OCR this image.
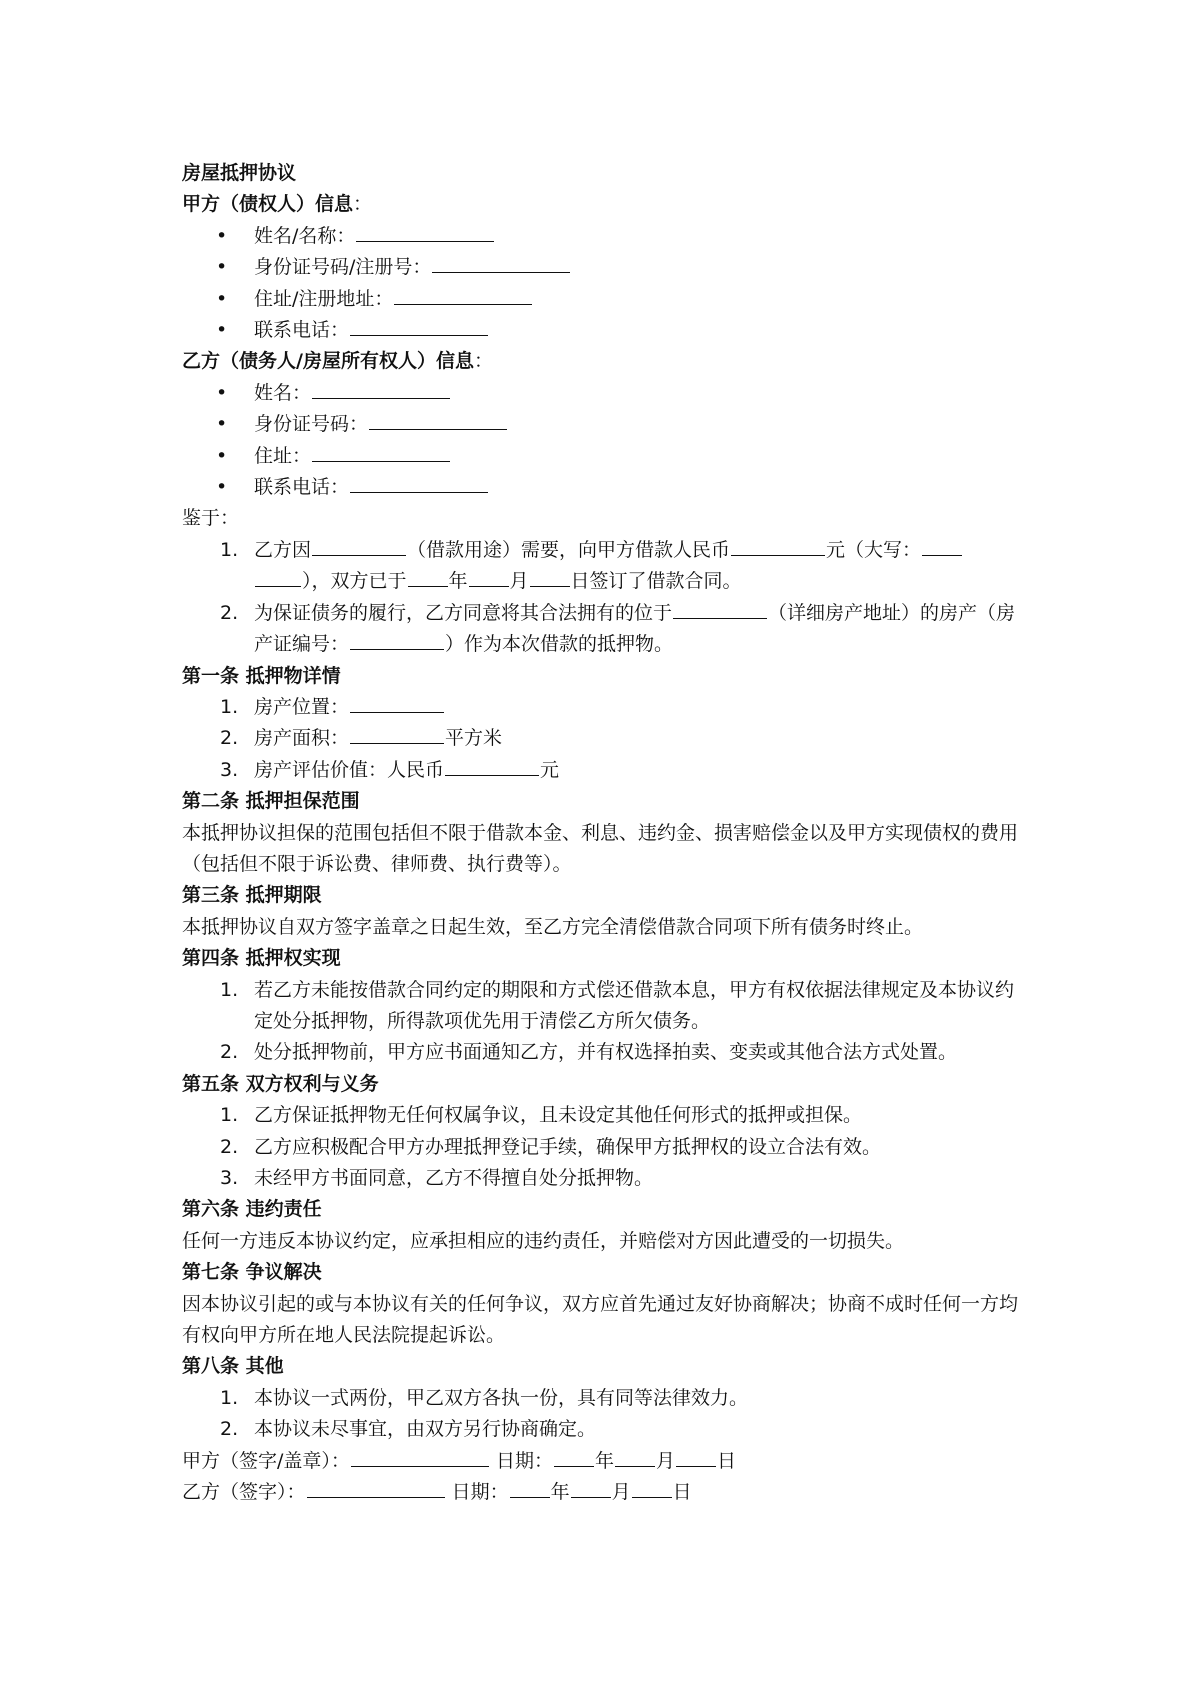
房屋抵押协议
甲方（债权人）信息：
• 姓名/名称：
• 身份证号码/注册号：
• 住址/注册地址：
• 联系电话：
乙方（债务人/房屋所有权人）信息：
• 姓名：
• 身份证号码：
• 住址：
• 联系电话：
鉴于：
1. 乙方因	（借款用途）需要，向甲方借款人民币	元（大写：
），双方已于 年 月 日签订了借款合同。
2. 为保证债务的履行，乙方同意将其合法拥有的位于	（详细房产地址）的房产（房产证编号：	）作为本次借款的抵押物。
第一条 抵押物详情
1. 房产位置：
2. 房产面积：	平方米
3. 房产评估价值：人民币	元
第二条 抵押担保范围
本抵押协议担保的范围包括但不限于借款本金、利息、违约金、损害赔偿金以及甲方实现债权的费用（包括但不限于诉讼费、律师费、执行费等）。
第三条 抵押期限
本抵押协议自双方签字盖章之日起生效，至乙方完全清偿借款合同项下所有债务时终止。
第四条 抵押权实现
1. 若乙方未能按借款合同约定的期限和方式偿还借款本息，甲方有权依据法律规定及本协议约定处分抵押物，所得款项优先用于清偿乙方所欠债务。
2. 处分抵押物前，甲方应书面通知乙方，并有权选择拍卖、变卖或其他合法方式处置。
第五条 双方权利与义务
1. 乙方保证抵押物无任何权属争议，且未设定其他任何形式的抵押或担保。
2. 乙方应积极配合甲方办理抵押登记手续，确保甲方抵押权的设立合法有效。
3. 未经甲方书面同意，乙方不得擅自处分抵押物。
第六条 违约责任
任何一方违反本协议约定，应承担相应的违约责任，并赔偿对方因此遭受的一切损失。
第七条 争议解决
因本协议引起的或与本协议有关的任何争议，双方应首先通过友好协商解决；协商不成时任何一方均有权向甲方所在地人民法院提起诉讼。
第八条 其他
1. 本协议一式两份，甲乙双方各执一份，具有同等法律效力。
2. 本协议未尽事宜，由双方另行协商确定。
甲方（签字/盖章）：	日期： 年 月 日
乙方（签字）：	日期： 年 月 日
